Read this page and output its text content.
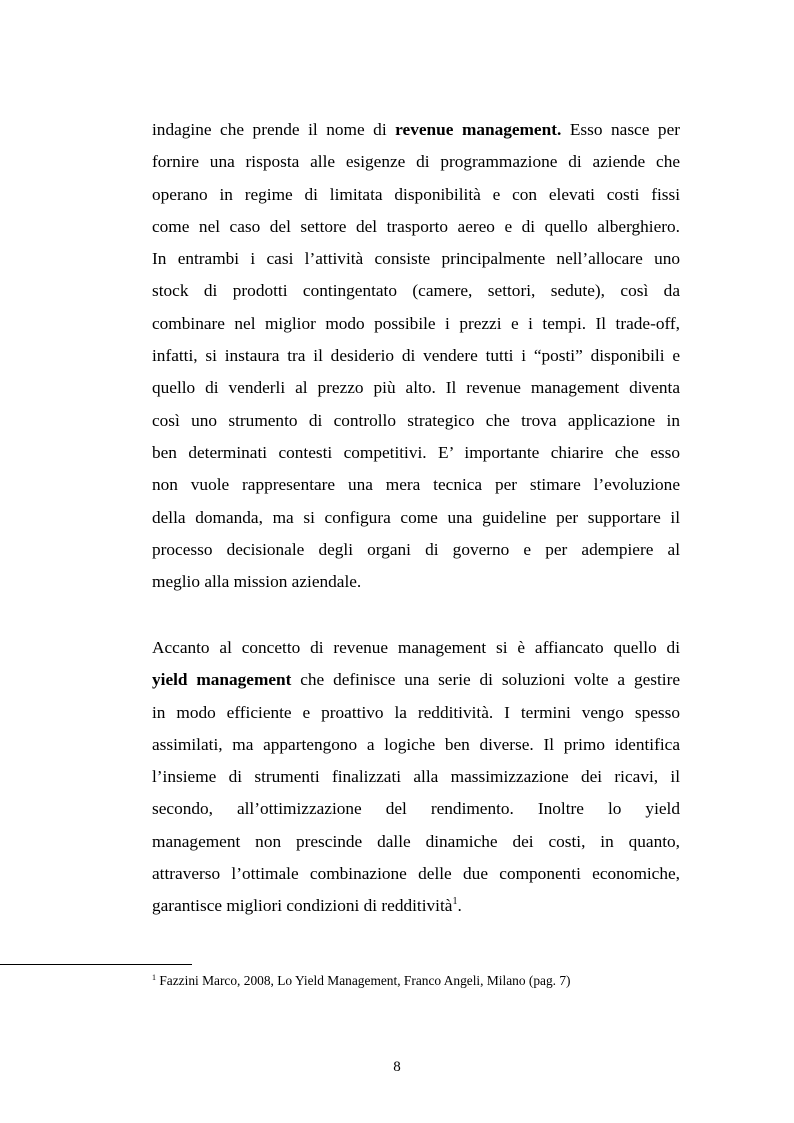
indagine che prende il nome di revenue management. Esso nasce per
fornire una risposta alle esigenze di programmazione di aziende che
operano in regime di limitata disponibilità e con elevati costi fissi
come nel caso del settore del trasporto aereo e di quello alberghiero.
In entrambi i casi l’attività consiste principalmente nell’allocare uno
stock di prodotti contingentato (camere, settori, sedute), così da
combinare nel miglior modo possibile i prezzi e i tempi. Il trade-off,
infatti, si instaura tra il desiderio di vendere tutti i “posti” disponibili e
quello di venderli al prezzo più alto. Il revenue management diventa
così uno strumento di controllo strategico che trova applicazione in
ben determinati contesti competitivi. E’ importante chiarire che esso
non vuole rappresentare una mera tecnica per stimare l’evoluzione
della domanda, ma si configura come una guideline per supportare il
processo decisionale degli organi di governo e per adempiere al
meglio alla mission aziendale.
Accanto al concetto di revenue management si è affiancato quello di
yield management che definisce una serie di soluzioni volte a gestire
in modo efficiente e proattivo la redditività. I termini vengo spesso
assimilati, ma appartengono a logiche ben diverse. Il primo identifica
l’insieme di strumenti finalizzati alla massimizzazione dei ricavi, il
secondo, all’ottimizzazione del rendimento. Inoltre lo yield
management non prescinde dalle dinamiche dei costi, in quanto,
attraverso l’ottimale combinazione delle due componenti economiche,
garantisce migliori condizioni di redditività$^1$.
$^1$ Fazzini Marco, 2008, Lo Yield Management, Franco Angeli, Milano (pag. 7)
8
